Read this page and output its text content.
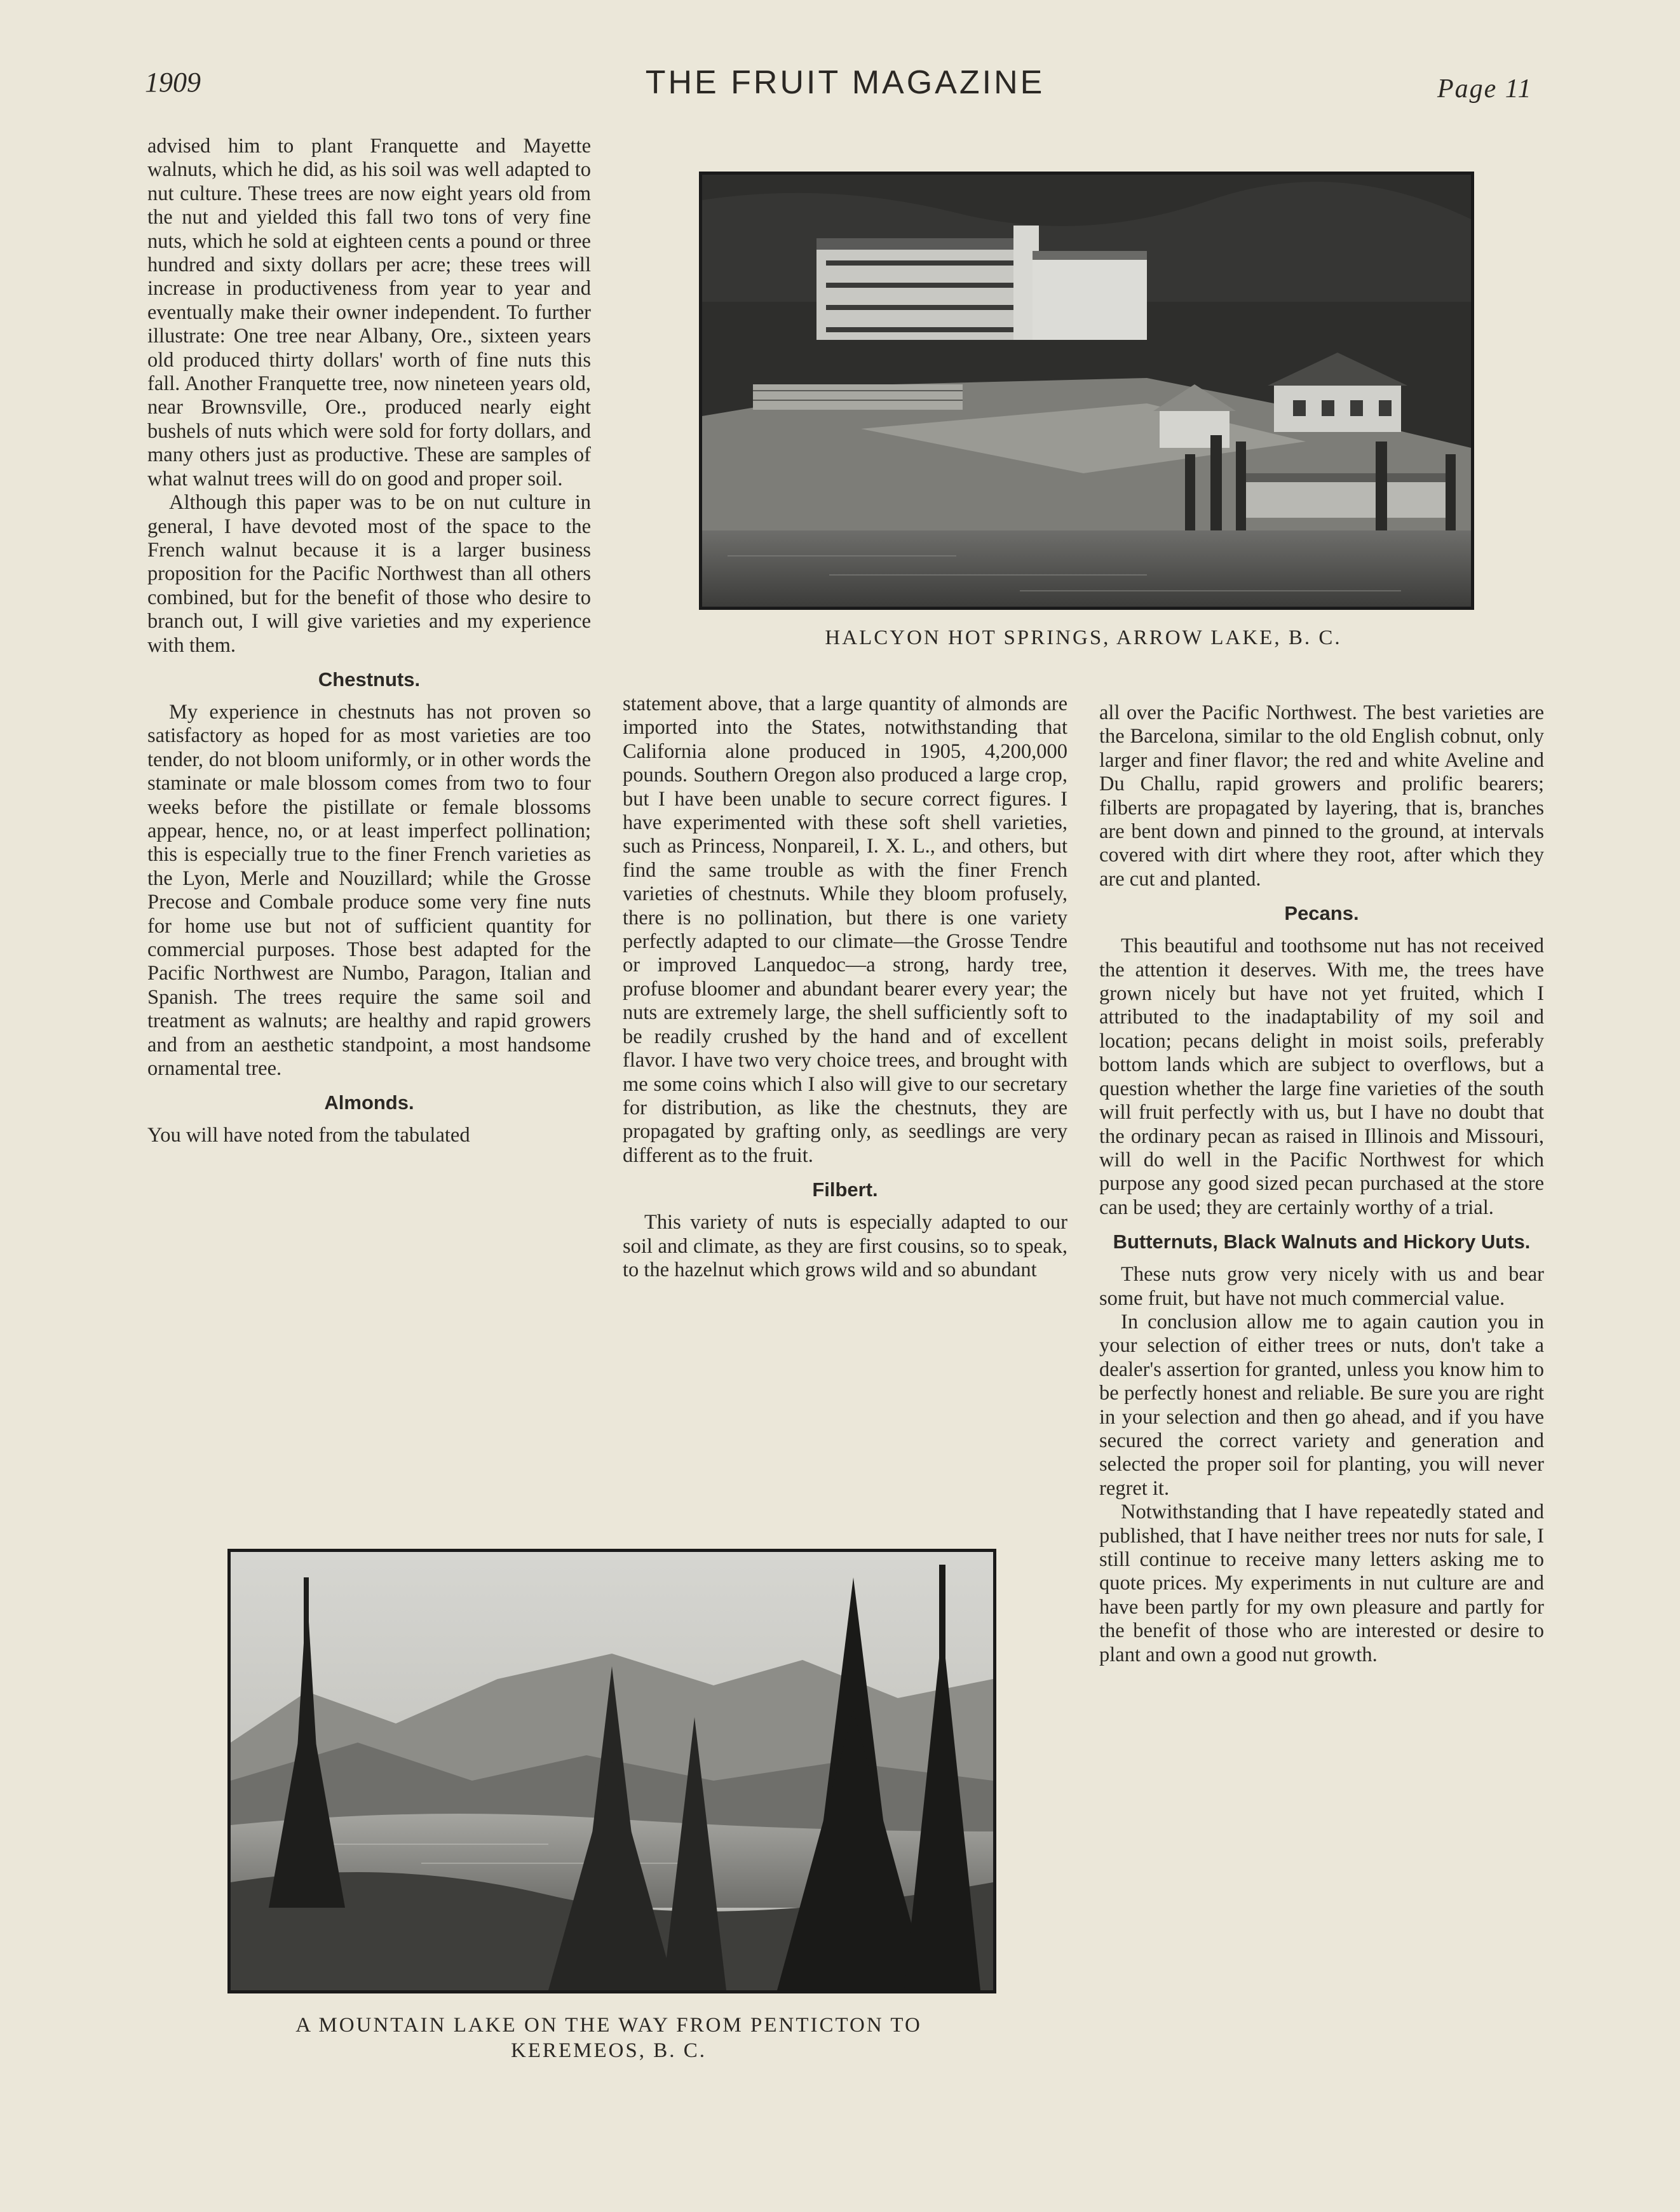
1909	THE FRUIT MAGAZINE	Page 11

advised him to plant Franquette and Mayette walnuts, which he did, as his soil was well adapted to nut culture. These trees are now eight years old from the nut and yielded this fall two tons of very fine nuts, which he sold at eighteen cents a pound or three hundred and sixty dollars per acre; these trees will increase in productiveness from year to year and eventually make their owner independent. To further illustrate: One tree near Albany, Ore., sixteen years old produced thirty dollars' worth of fine nuts this fall. Another Franquette tree, now nineteen years old, near Brownsville, Ore., produced nearly eight bushels of nuts which were sold for forty dollars, and many others just as productive. These are samples of what walnut trees will do on good and proper soil.

Although this paper was to be on nut culture in general, I have devoted most of the space to the French walnut because it is a larger business proposition for the Pacific Northwest than all others combined, but for the benefit of those who desire to branch out, I will give varieties and my experience with them.

Chestnuts.

My experience in chestnuts has not proven so satisfactory as hoped for as most varieties are too tender, do not bloom uniformly, or in other words the staminate or male blossom comes from two to four weeks before the pistillate or female blossoms appear, hence, no, or at least imperfect pollination; this is especially true to the finer French varieties as the Lyon, Merle and Nouzillard; while the Grosse Precose and Combale produce some very fine nuts for home use but not of sufficient quantity for commercial purposes. Those best adapted for the Pacific Northwest are Numbo, Paragon, Italian and Spanish. The trees require the same soil and treatment as walnuts; are healthy and rapid growers and from an aesthetic standpoint, a most handsome ornamental tree.

Almonds.

You will have noted from the tabulated

HALCYON HOT SPRINGS, ARROW LAKE, B. C.

statement above, that a large quantity of almonds are imported into the States, notwithstanding that California alone produced in 1905, 4,200,000 pounds. Southern Oregon also produced a large crop, but I have been unable to secure correct figures. I have experimented with these soft shell varieties, such as Princess, Nonpareil, I. X. L., and others, but find the same trouble as with the finer French varieties of chestnuts. While they bloom profusely, there is no pollination, but there is one variety perfectly adapted to our climate—the Grosse Tendre or improved Lanquedoc—a strong, hardy tree, profuse bloomer and abundant bearer every year; the nuts are extremely large, the shell sufficiently soft to be readily crushed by the hand and of excellent flavor. I have two very choice trees, and brought with me some coins which I also will give to our secretary for distribution, as like the chestnuts, they are propagated by grafting only, as seedlings are very different as to the fruit.

Filbert.

This variety of nuts is especially adapted to our soil and climate, as they are first cousins, so to speak, to the hazelnut which grows wild and so abundant

all over the Pacific Northwest. The best varieties are the Barcelona, similar to the old English cobnut, only larger and finer flavor; the red and white Aveline and Du Challu, rapid growers and prolific bearers; filberts are propagated by layering, that is, branches are bent down and pinned to the ground, at intervals covered with dirt where they root, after which they are cut and planted.

Pecans.

This beautiful and toothsome nut has not received the attention it deserves. With me, the trees have grown nicely but have not yet fruited, which I attributed to the inadaptability of my soil and location; pecans delight in moist soils, preferably bottom lands which are subject to overflows, but a question whether the large fine varieties of the south will fruit perfectly with us, but I have no doubt that the ordinary pecan as raised in Illinois and Missouri, will do well in the Pacific Northwest for which purpose any good sized pecan purchased at the store can be used; they are certainly worthy of a trial.

Butternuts, Black Walnuts and Hickory Uuts.

These nuts grow very nicely with us and bear some fruit, but have not much commercial value.

In conclusion allow me to again caution you in your selection of either trees or nuts, don't take a dealer's assertion for granted, unless you know him to be perfectly honest and reliable. Be sure you are right in your selection and then go ahead, and if you have secured the correct variety and generation and selected the proper soil for planting, you will never regret it.

Notwithstanding that I have repeatedly stated and published, that I have neither trees nor nuts for sale, I still continue to receive many letters asking me to quote prices. My experiments in nut culture are and have been partly for my own pleasure and partly for the benefit of those who are interested or desire to plant and own a good nut growth.

A MOUNTAIN LAKE ON THE WAY FROM PENTICTON TO KEREMEOS, B. C.
